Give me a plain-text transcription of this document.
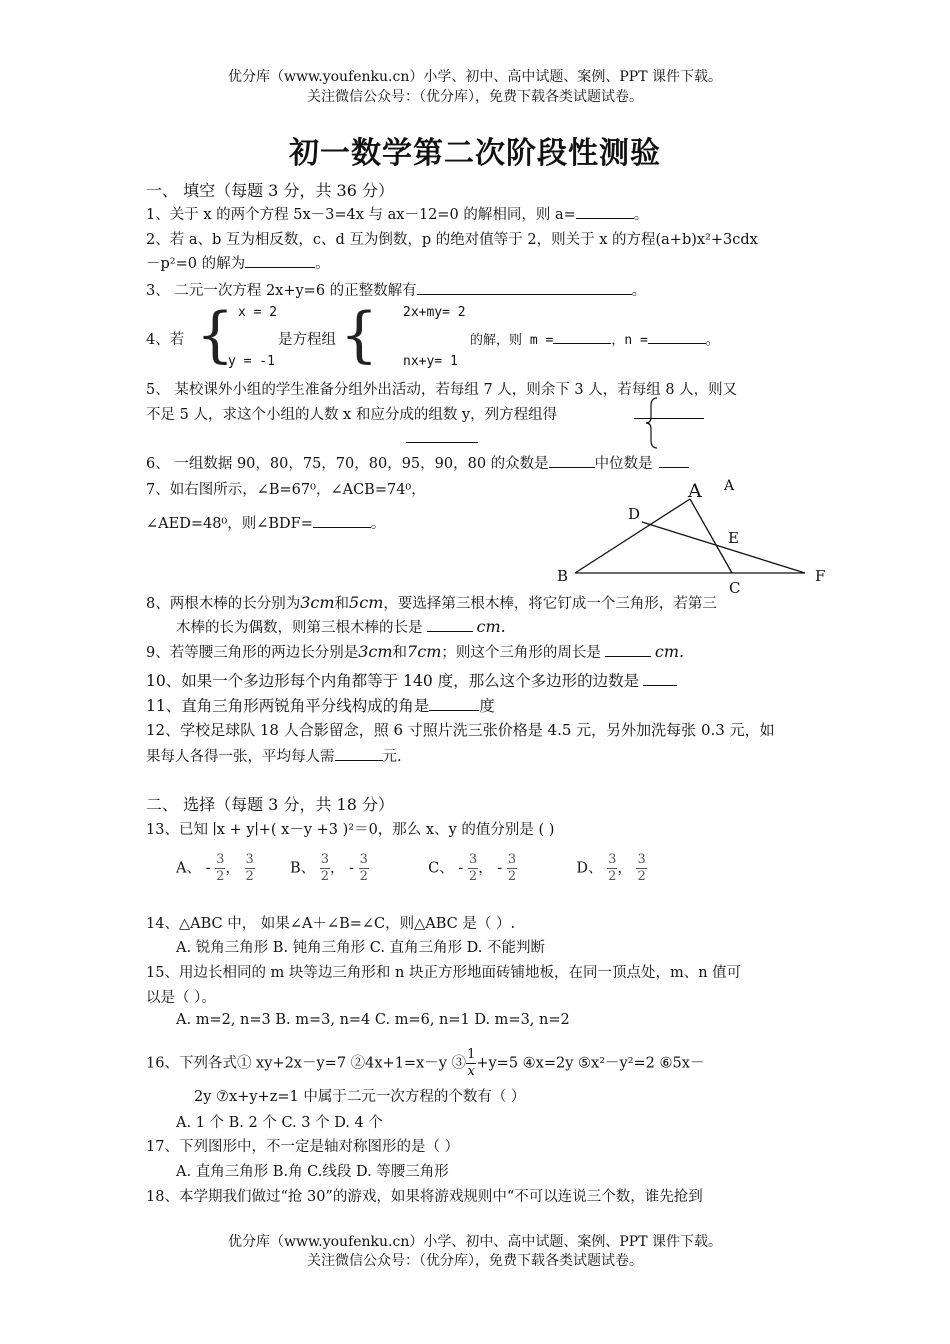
优分库（www.youfenku.cn）小学、初中、高中试题、案例、PPT 课件下载。
关注微信公众号：（优分库），免费下载各类试题试卷。
初一数学第二次阶段性测验
一、 填空（每题 3 分，共 36 分）
1、关于 x 的两个方程 5x－3=4x 与 ax－12=0 的解相同，则 a=	。
2、若 a、b 互为相反数，c、d 互为倒数，p 的绝对值等于 2，则关于 x 的方程(a+b)x²+3cdx
－p²=0 的解为	。
3、 二元一次方程 2x+y=6 的正整数解有	。
4、若 { x = 2
y = -1
是方程组 { 2x+my= 2
nx+y= 1
的解，则 m =	，n =	。
5、 某校课外小组的学生准备分组外出活动，若每组 7 人，则余下 3 人，若每组 8 人，则又
不足 5 人，求这个小组的人数 x 和应分成的组数 y，列方程组得
6、 一组数据 90，80，75，70，80，95，90，80 的众数是	中位数是
7、如右图所示，∠B=67⁰，∠ACB=74⁰，
∠AED=48⁰，则∠BDF=	。
A A
D
E
B
C
F
8、两根木棒的长分别为3cm和5cm，要选择第三根木棒，将它钉成一个三角形，若第三
木棒的长为偶数，则第三根木棒的长是	cm.
9、若等腰三角形的两边长分别是3cm和7cm；则这个三角形的周长是	cm.
10、如果一个多边形每个内角都等于 140 度，那么这个多边形的边数是
11、直角三角形两锐角平分线构成的角是	度
12、学校足球队 18 人合影留念，照 6 寸照片洗三张价格是 4.5 元，另外加洗每张 0.3 元，如
果每人各得一张，平均每人需	元.
二、 选择（每题 3 分，共 18 分）
13、已知 ∣x + y∣+( x－y +3 )²＝0，那么 x、y 的值分别是 ( )
A、 - $\frac{3}{2}$ ， $\frac{3}{2}$ B、 $\frac{3}{2}$ ， - $\frac{3}{2}$	C、 - $\frac{3}{2}$ ， - $\frac{3}{2}$	D、 $\frac{3}{2}$ ， $\frac{3}{2}$
14、△ABC 中， 如果∠A＋∠B=∠C，则△ABC 是（ ）.
A. 锐角三角形 B. 钝角三角形 C. 直角三角形 D. 不能判断
15、用边长相同的 m 块等边三角形和 n 块正方形地面砖铺地板，在同一顶点处，m、n 值可
以是（ ）。
A. m=2, n=3 B. m=3, n=4 C. m=6, n=1 D. m=3, n=2
16、下列各式① xy+2x－y=7 ②4x+1=x－y ③ $\frac{1}{x} +y=5$ ④x=2y ⑤x²－y²=2 ⑥5x－
2y ⑦x+y+z=1 中属于二元一次方程的个数有（ ）
A. 1 个 B. 2 个 C. 3 个 D. 4 个
17、下列图形中，不一定是轴对称图形的是（ ）
A. 直角三角形 B.角 C.线段 D. 等腰三角形
18、本学期我们做过“抢 30”的游戏，如果将游戏规则中“不可以连说三个数，谁先抢到
优分库（www.youfenku.cn）小学、初中、高中试题、案例、PPT 课件下载。
关注微信公众号：（优分库），免费下载各类试题试卷。
